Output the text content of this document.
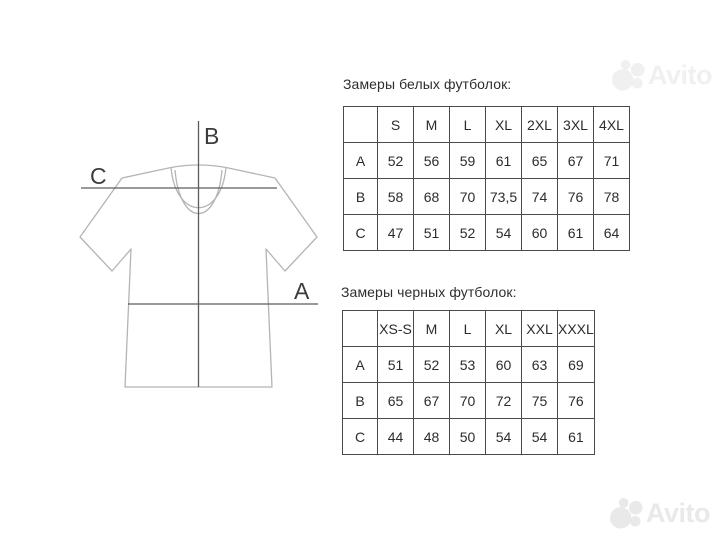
B
C
A
Замеры белых футболок:
	S	M	L	XL	2XL	3XL	4XL
A	52	56	59	61	65	67	71
B	58	68	70	73,5	74	76	78
C	47	51	52	54	60	61	64
Замеры черных футболок:
	XS-S	M	L	XL	XXL	XXXL
A	51	52	53	60	63	69
B	65	67	70	72	75	76
C	44	48	50	54	54	61
Avito
Avito
